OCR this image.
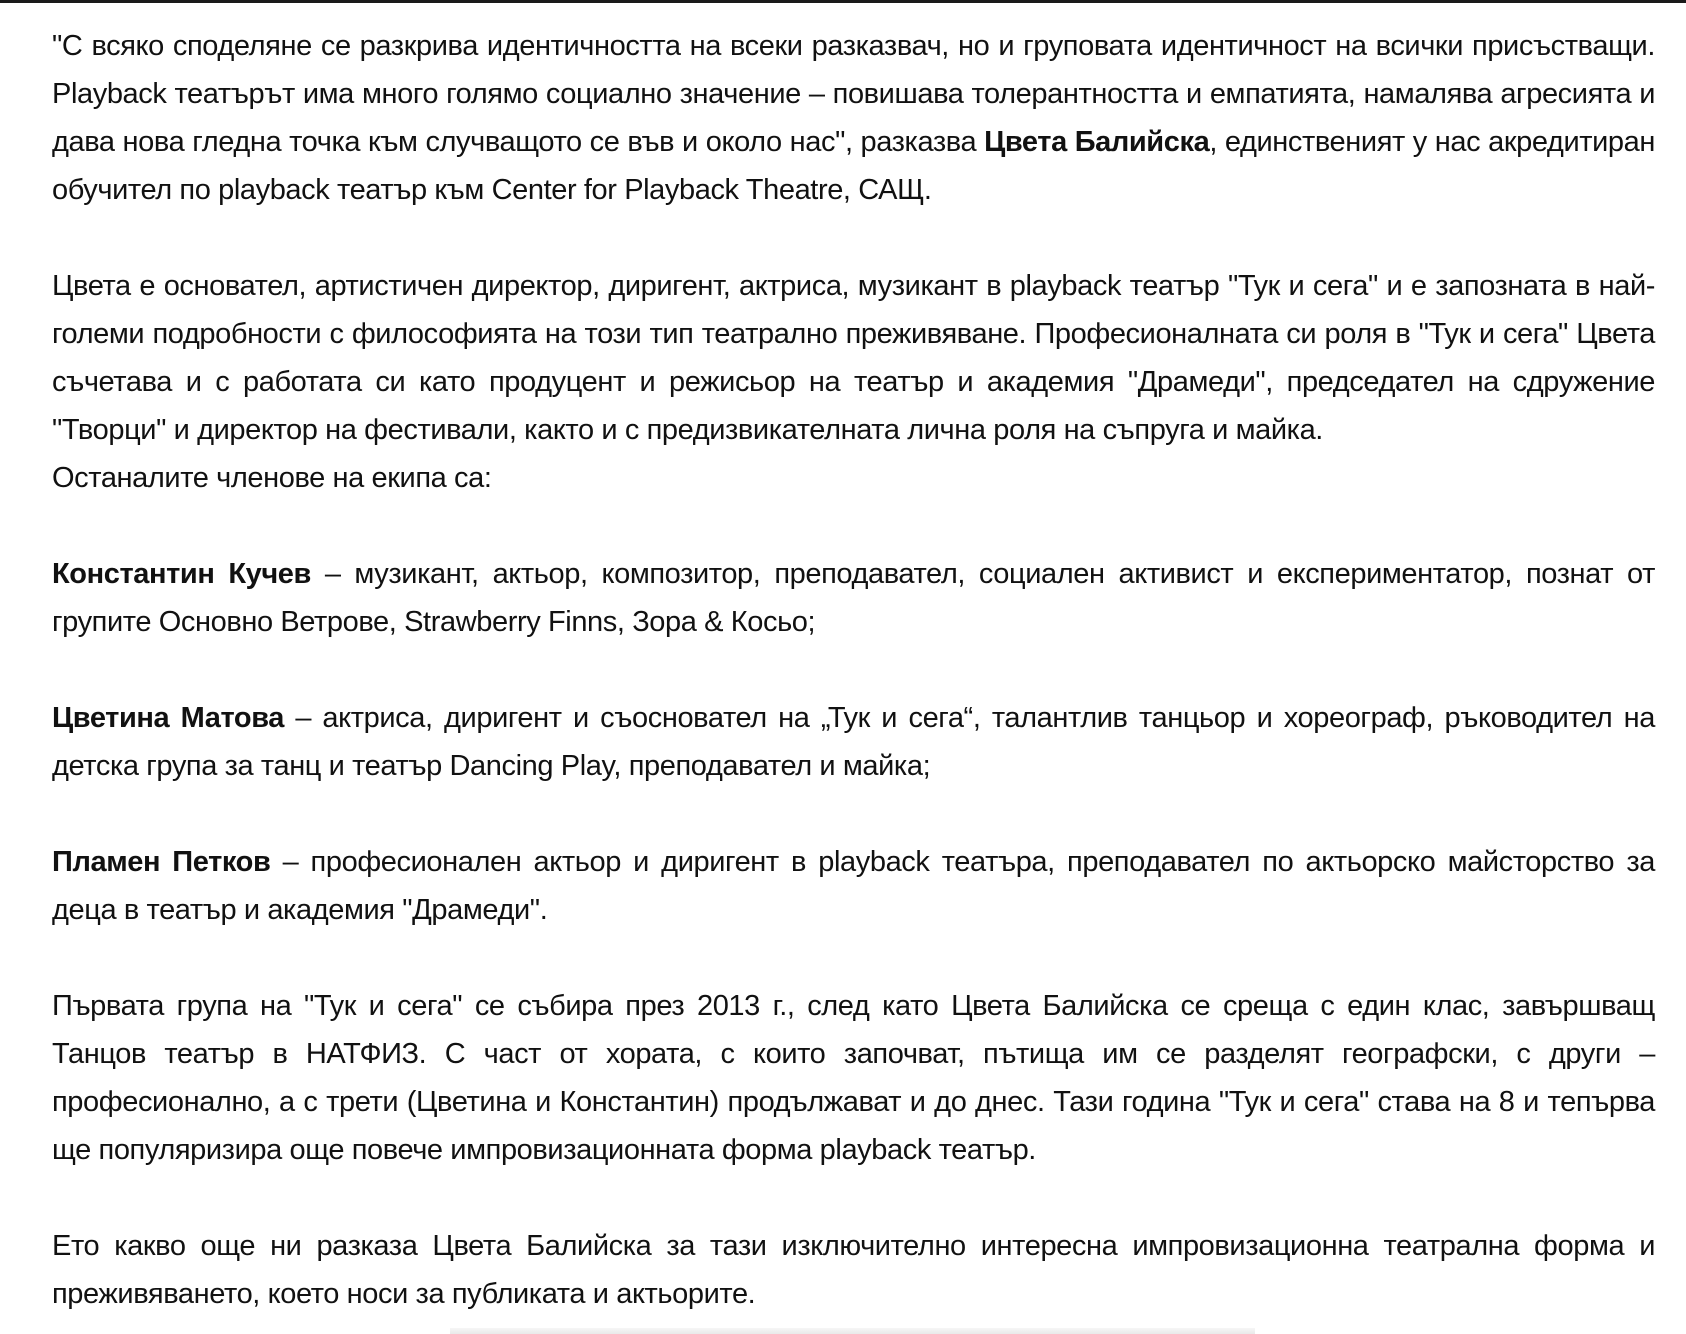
"С всяко споделяне се разкрива идентичността на всеки разказвач, но и груповата идентичност на всички присъстващи. Playback театърът има много голямо социално значение – повишава толерантността и емпатията, намалява агресията и дава нова гледна точка към случващото се във и около нас", разказва Цвета Балийска, единственият у нас акредитиран обучител по playback театър към Center for Playback Theatre, САЩ.

Цвета е основател, артистичен директор, диригент, актриса, музикант в playback театър "Тук и сега" и е запозната в най-големи подробности с философията на този тип театрално преживяване. Професионалната си роля в "Тук и сега" Цвета съчетава и с работата си като продуцент и режисьор на театър и академия "Драмеди", председател на сдружение "Творци" и директор на фестивали, както и с предизвикателната лична роля на съпруга и майка.

Останалите членове на екипа са:

Константин Кучев – музикант, актьор, композитор, преподавател, социален активист и експериментатор, познат от групите Основно Ветрове, Strawberry Finns, Зора & Косьо;

Цветина Матова – актриса, диригент и съосновател на „Тук и сега“, талантлив танцьор и хореограф, ръководител на детска група за танц и театър Dancing Play, преподавател и майка;

Пламен Петков – професионален актьор и диригент в playback театъра, преподавател по актьорско майсторство за деца в театър и академия "Драмеди".

Първата група на "Тук и сега" се събира през 2013 г., след като Цвета Балийска се среща с един клас, завършващ Танцов театър в НАТФИЗ. С част от хората, с които започват, пътища им се разделят географски, с други – професионално, а с трети (Цветина и Константин) продължават и до днес. Тази година "Тук и сега" става на 8 и тепърва ще популяризира още повече импровизационната форма playback театър.

Ето какво още ни разказа Цвета Балийска за тази изключително интересна импровизационна театрална форма и преживяването, което носи за публиката и актьорите.
